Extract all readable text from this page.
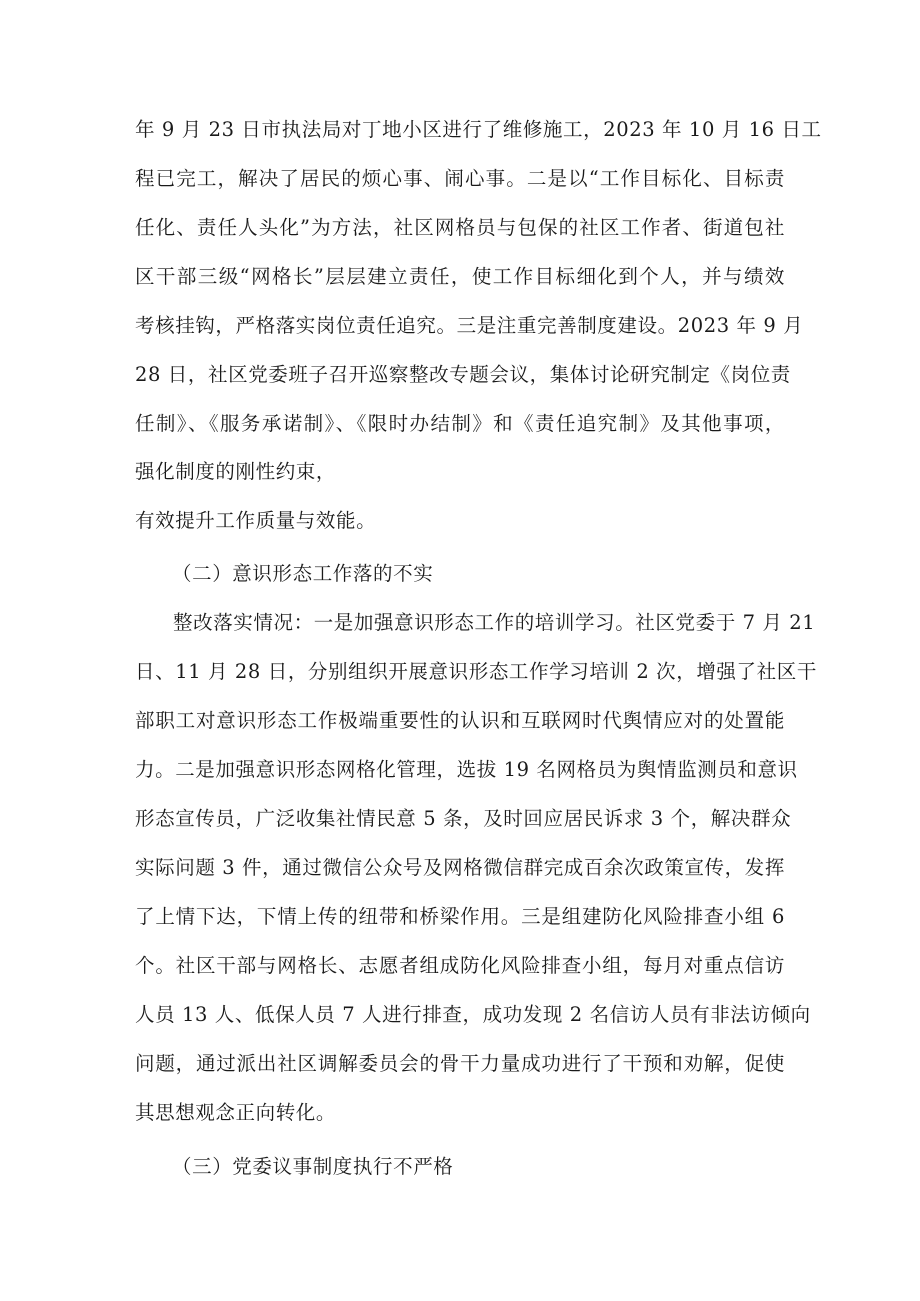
年 9 月 23 日市执法局对丁地小区进行了维修施工，2023 年 10 月 16 日工
程已完工，解决了居民的烦心事、闹心事。二是以“工作目标化、目标责
任化、责任人头化”为方法，社区网格员与包保的社区工作者、街道包社
区干部三级“网格长”层层建立责任，使工作目标细化到个人，并与绩效
考核挂钩，严格落实岗位责任追究。三是注重完善制度建设。2023 年 9 月
28 日，社区党委班子召开巡察整改专题会议，集体讨论研究制定《岗位责
任制》、《服务承诺制》、《限时办结制》和《责任追究制》及其他事项，
强化制度的刚性约束，
有效提升工作质量与效能。
（二）意识形态工作落的不实
整改落实情况：一是加强意识形态工作的培训学习。社区党委于 7 月 21
日、11 月 28 日，分别组织开展意识形态工作学习培训 2 次，增强了社区干
部职工对意识形态工作极端重要性的认识和互联网时代舆情应对的处置能
力。二是加强意识形态网格化管理，选拔 19 名网格员为舆情监测员和意识
形态宣传员，广泛收集社情民意 5 条，及时回应居民诉求 3 个，解决群众
实际问题 3 件，通过微信公众号及网格微信群完成百余次政策宣传，发挥
了上情下达，下情上传的纽带和桥梁作用。三是组建防化风险排查小组 6
个。社区干部与网格长、志愿者组成防化风险排查小组，每月对重点信访
人员 13 人、低保人员 7 人进行排查，成功发现 2 名信访人员有非法访倾向
问题，通过派出社区调解委员会的骨干力量成功进行了干预和劝解，促使
其思想观念正向转化。
（三）党委议事制度执行不严格
